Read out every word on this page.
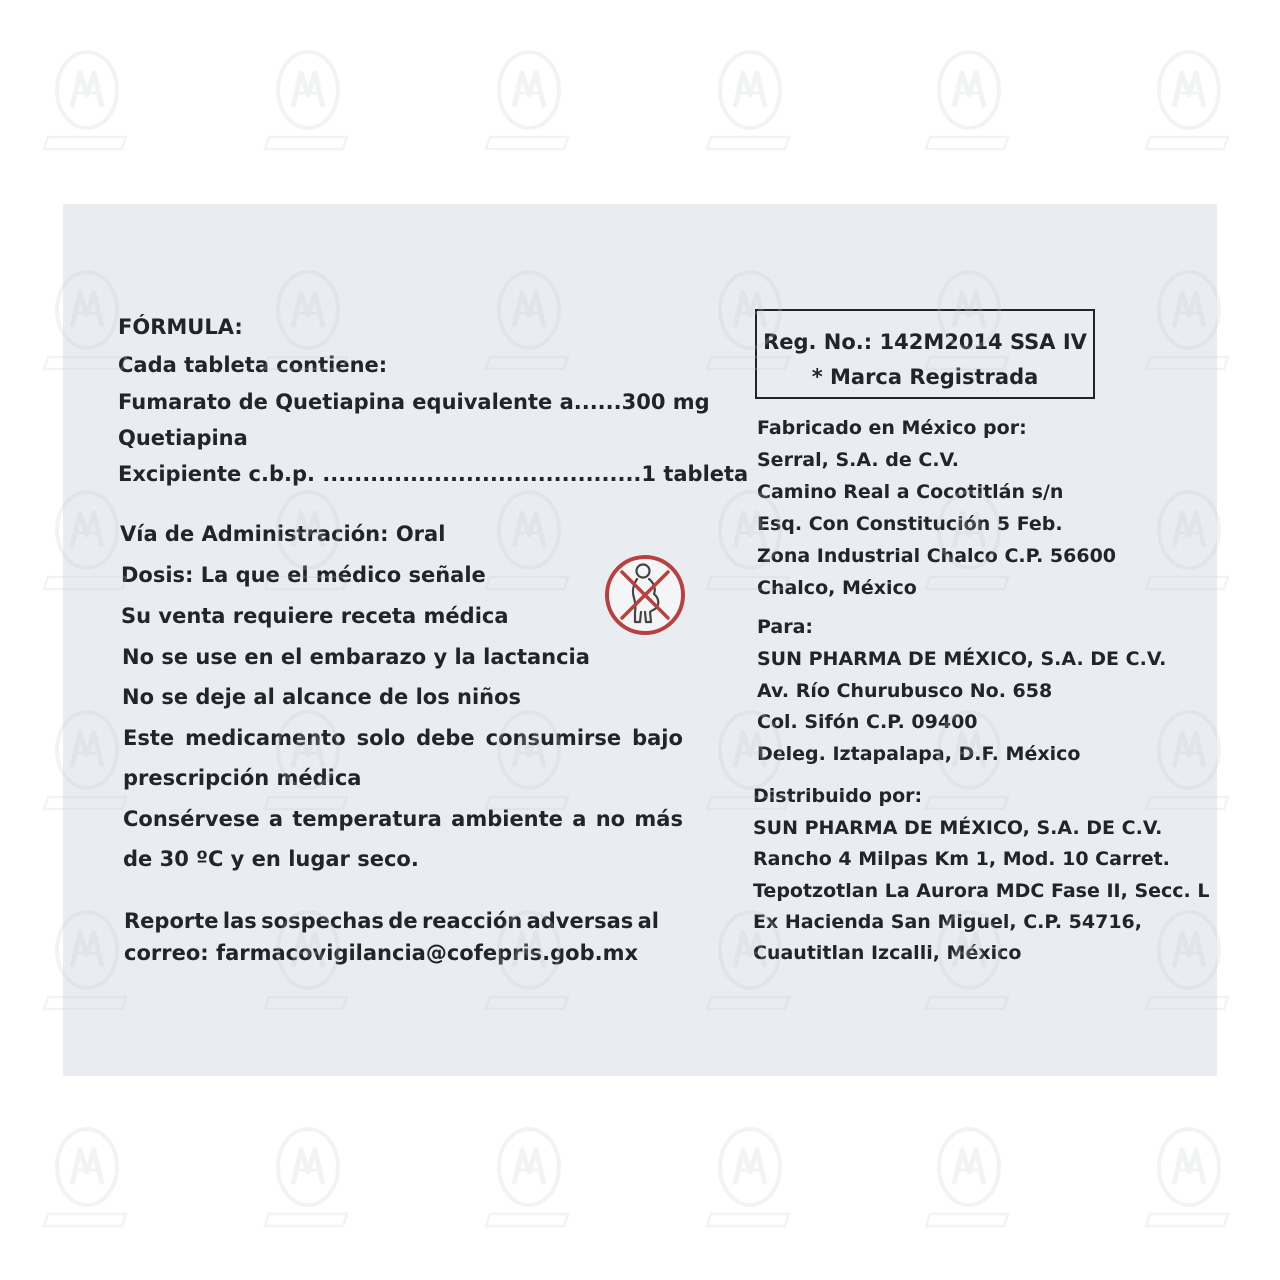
FÓRMULA:
Cada tableta contiene:
Fumarato de Quetiapina equivalente a......300 mg
Quetiapina
Excipiente c.b.p. ........................................1 tableta
Vía de Administración: Oral
Dosis: La que el médico señale
Su venta requiere receta médica
No se use en el embarazo y la lactancia
No se deje al alcance de los niños
Este medicamento solo debe consumirse bajo
prescripción médica
Consérvese a temperatura ambiente a no más
de 30 ºC y en lugar seco.
Reporte las sospechas de reacción adversas al
correo: farmacovigilancia@cofepris.gob.mx
Reg. No.: 142M2014 SSA IV
* Marca Registrada
Fabricado en México por:
Serral, S.A. de C.V.
Camino Real a Cocotitlán s/n
Esq. Con Constitución 5 Feb.
Zona Industrial Chalco C.P. 56600
Chalco, México
Para:
SUN PHARMA DE MÉXICO, S.A. DE C.V.
Av. Río Churubusco No. 658
Col. Sifón C.P. 09400
Deleg. Iztapalapa, D.F. México
Distribuido por:
SUN PHARMA DE MÉXICO, S.A. DE C.V.
Rancho 4 Milpas Km 1, Mod. 10 Carret.
Tepotzotlan La Aurora MDC Fase II, Secc. L
Ex Hacienda San Miguel, C.P. 54716,
Cuautitlan Izcalli, México
